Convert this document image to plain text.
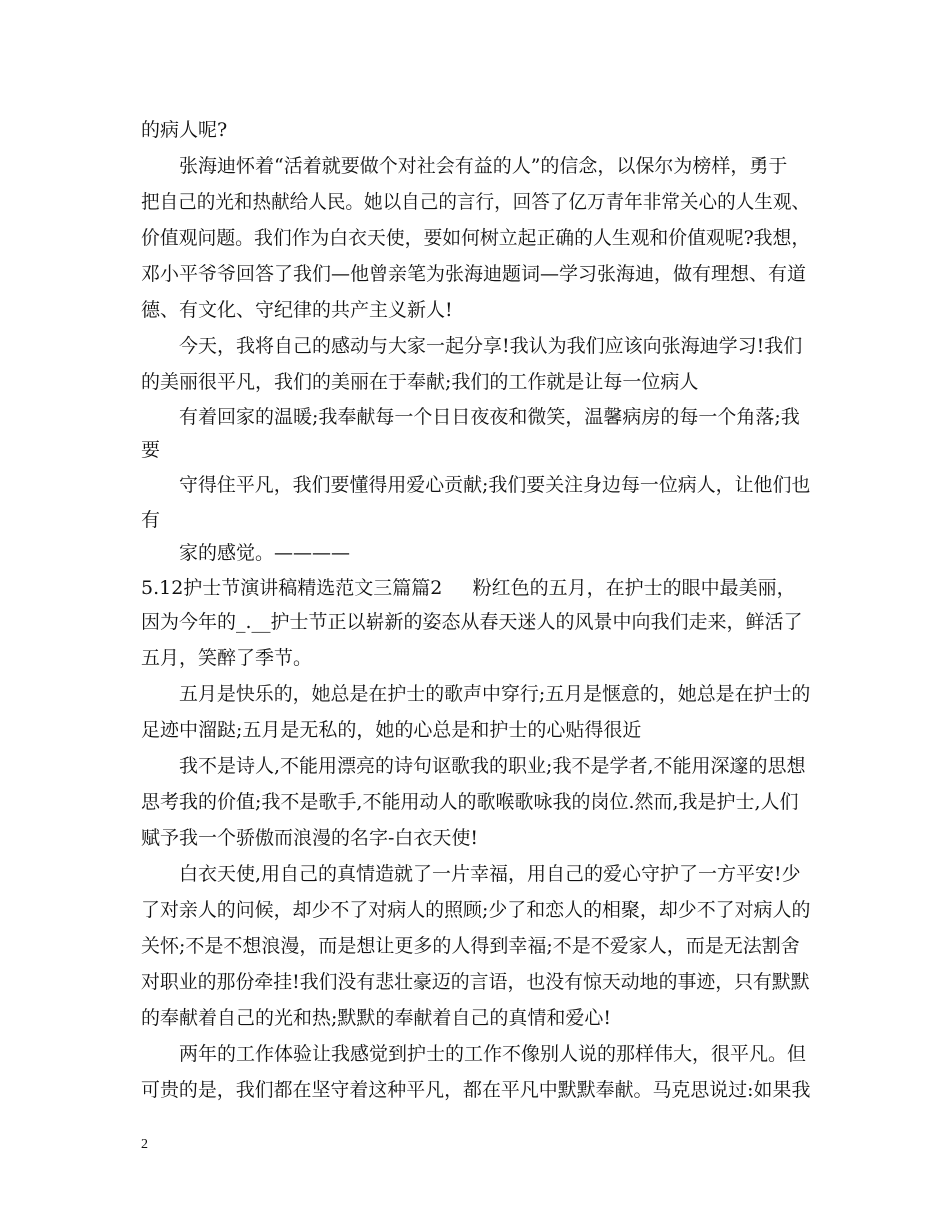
的病人呢?
张海迪怀着“活着就要做个对社会有益的人”的信念，以保尔为榜样，勇于
把自己的光和热献给人民。她以自己的言行，回答了亿万青年非常关心的人生观、
价值观问题。我们作为白衣天使，要如何树立起正确的人生观和价值观呢?我想，
邓小平爷爷回答了我们—他曾亲笔为张海迪题词—学习张海迪，做有理想、有道
德、有文化、守纪律的共产主义新人!
今天，我将自己的感动与大家一起分享!我认为我们应该向张海迪学习!我们
的美丽很平凡，我们的美丽在于奉献;我们的工作就是让每一位病人
有着回家的温暖;我奉献每一个日日夜夜和微笑，温馨病房的每一个角落;我
要
守得住平凡，我们要懂得用爱心贡献;我们要关注身边每一位病人，让他们也
有
家的感觉。————
5.12护士节演讲稿精选范文三篇篇2     粉红色的五月，在护士的眼中最美丽，
因为今年的_.__护士节正以崭新的姿态从春天迷人的风景中向我们走来，鲜活了
五月，笑醉了季节。
五月是快乐的，她总是在护士的歌声中穿行;五月是惬意的，她总是在护士的
足迹中溜跶;五月是无私的，她的心总是和护士的心贴得很近
我不是诗人,不能用漂亮的诗句讴歌我的职业;我不是学者,不能用深邃的思想
思考我的价值;我不是歌手,不能用动人的歌喉歌咏我的岗位.然而,我是护士,人们
赋予我一个骄傲而浪漫的名字-白衣天使!
白衣天使,用自己的真情造就了一片幸福，用自己的爱心守护了一方平安!少
了对亲人的问候，却少不了对病人的照顾;少了和恋人的相聚，却少不了对病人的
关怀;不是不想浪漫，而是想让更多的人得到幸福;不是不爱家人，而是无法割舍
对职业的那份牵挂!我们没有悲壮豪迈的言语，也没有惊天动地的事迹，只有默默
的奉献着自己的光和热;默默的奉献着自己的真情和爱心!
两年的工作体验让我感觉到护士的工作不像别人说的那样伟大，很平凡。但
可贵的是，我们都在坚守着这种平凡，都在平凡中默默奉献。马克思说过:如果我
2
